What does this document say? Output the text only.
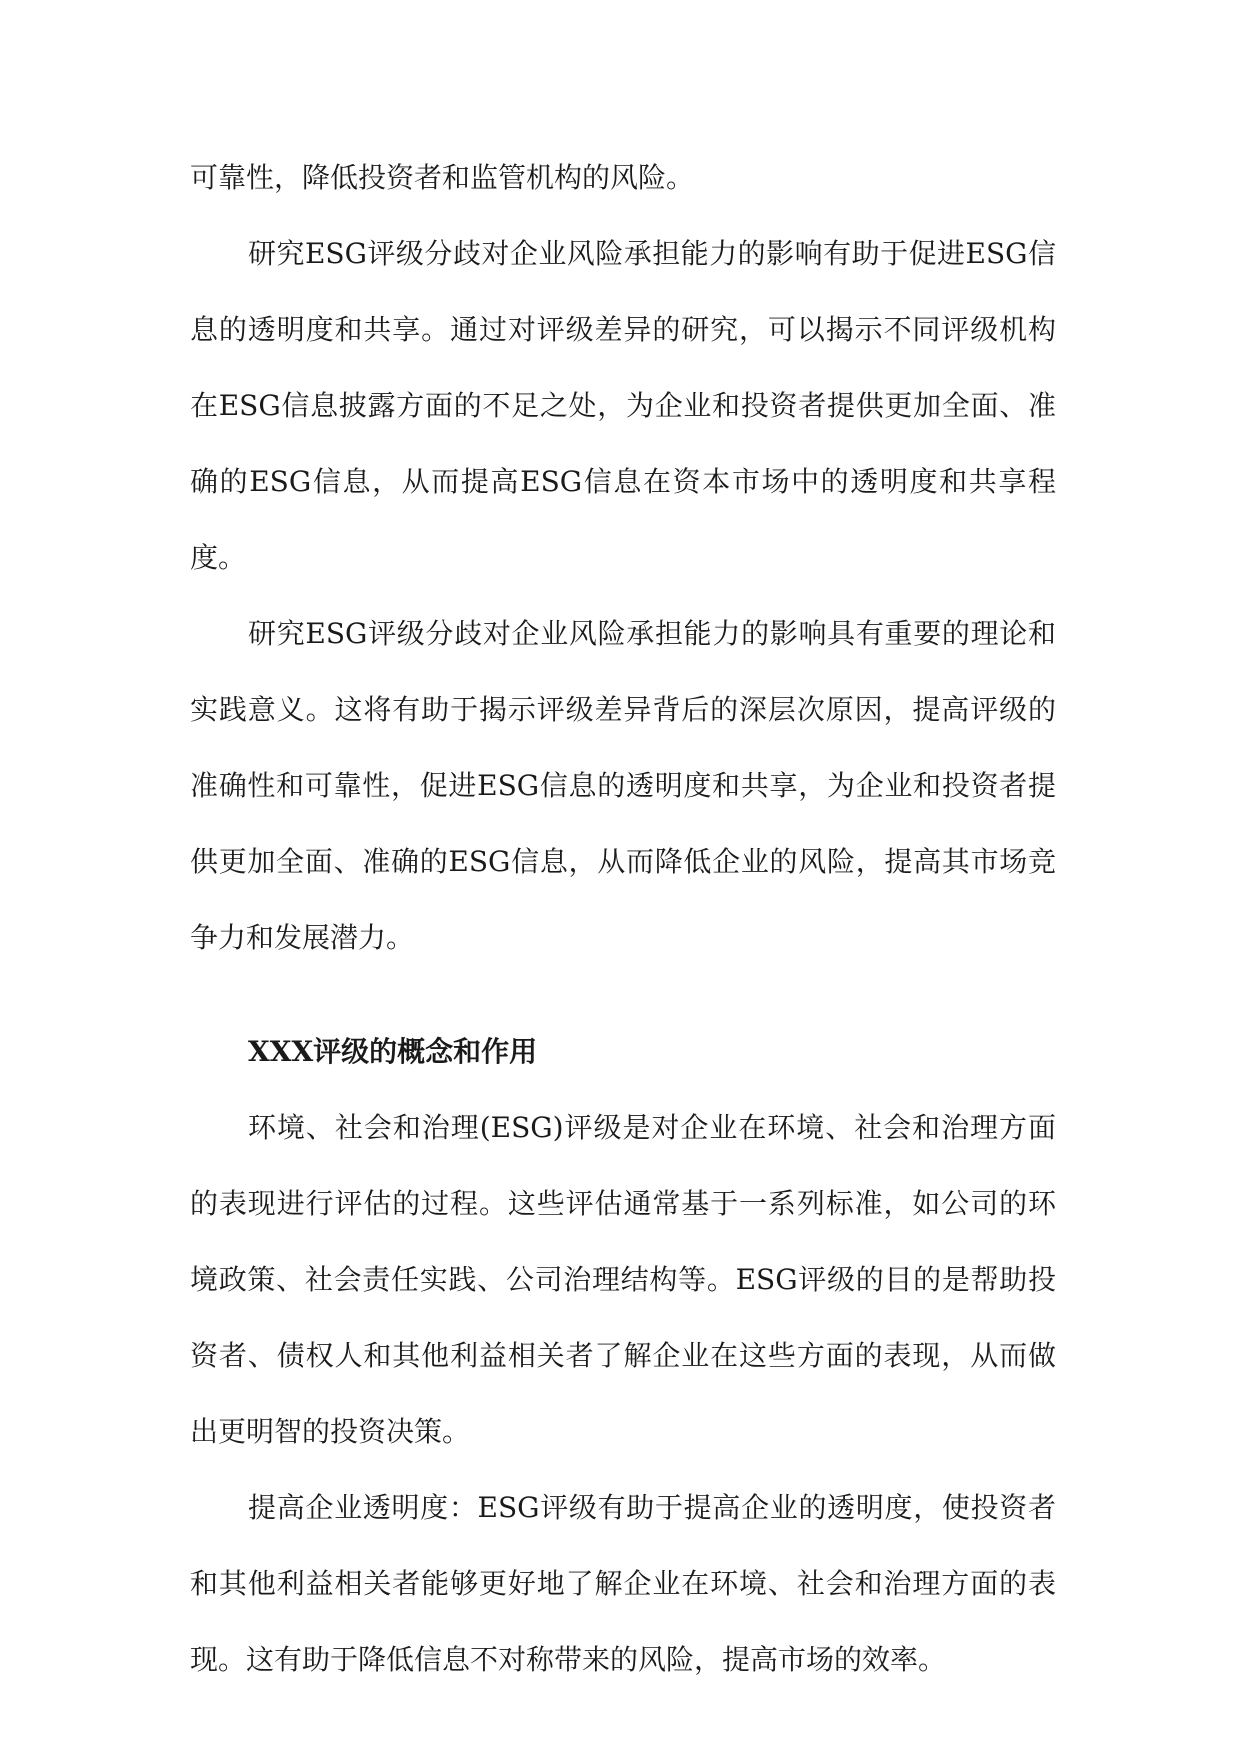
可靠性，降低投资者和监管机构的风险。

研究ESG评级分歧对企业风险承担能力的影响有助于促进ESG信息的透明度和共享。通过对评级差异的研究，可以揭示不同评级机构在ESG信息披露方面的不足之处，为企业和投资者提供更加全面、准确的ESG信息，从而提高ESG信息在资本市场中的透明度和共享程度。

研究ESG评级分歧对企业风险承担能力的影响具有重要的理论和实践意义。这将有助于揭示评级差异背后的深层次原因，提高评级的准确性和可靠性，促进ESG信息的透明度和共享，为企业和投资者提供更加全面、准确的ESG信息，从而降低企业的风险，提高其市场竞争力和发展潜力。

XXX评级的概念和作用

环境、社会和治理(ESG)评级是对企业在环境、社会和治理方面的表现进行评估的过程。这些评估通常基于一系列标准，如公司的环境政策、社会责任实践、公司治理结构等。ESG评级的目的是帮助投资者、债权人和其他利益相关者了解企业在这些方面的表现，从而做出更明智的投资决策。

提高企业透明度：ESG评级有助于提高企业的透明度，使投资者和其他利益相关者能够更好地了解企业在环境、社会和治理方面的表现。这有助于降低信息不对称带来的风险，提高市场的效率。
